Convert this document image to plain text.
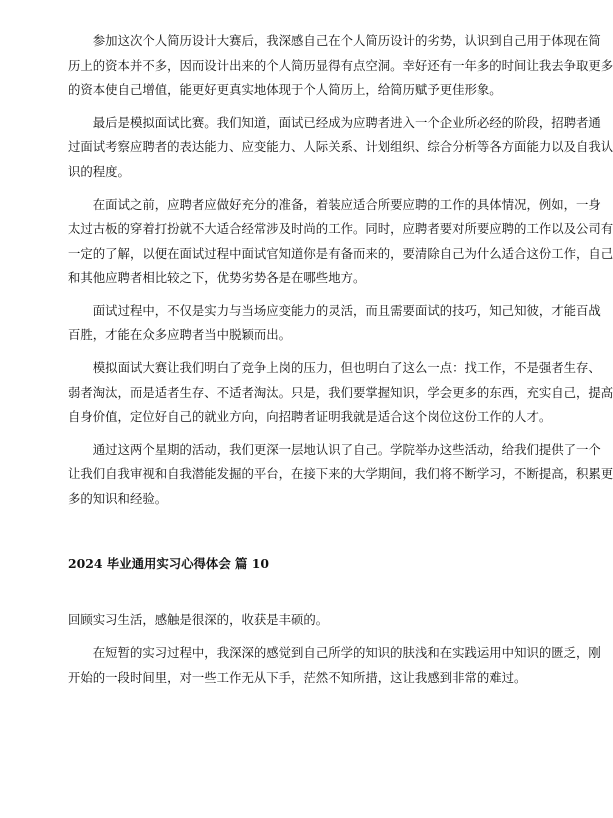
参加这次个人简历设计大赛后，我深感自己在个人简历设计的劣势，认识到自己用于体现在简
历上的资本并不多，因而设计出来的个人简历显得有点空洞。幸好还有一年多的时间让我去争取更多
的资本使自己增值，能更好更真实地体现于个人简历上，给简历赋予更佳形象。

最后是模拟面试比赛。我们知道，面试已经成为应聘者进入一个企业所必经的阶段，招聘者通
过面试考察应聘者的表达能力、应变能力、人际关系、计划组织、综合分析等各方面能力以及自我认
识的程度。

在面试之前，应聘者应做好充分的准备，着装应适合所要应聘的工作的具体情况，例如，一身
太过古板的穿着打扮就不大适合经常涉及时尚的工作。同时，应聘者要对所要应聘的工作以及公司有
一定的了解，以便在面试过程中面试官知道你是有备而来的，要清除自己为什么适合这份工作，自己
和其他应聘者相比较之下，优势劣势各是在哪些地方。

面试过程中，不仅是实力与当场应变能力的灵活，而且需要面试的技巧，知己知彼，才能百战
百胜，才能在众多应聘者当中脱颖而出。

模拟面试大赛让我们明白了竞争上岗的压力，但也明白了这么一点：找工作，不是强者生存、
弱者淘汰，而是适者生存、不适者淘汰。只是，我们要掌握知识，学会更多的东西，充实自己，提高
自身价值，定位好自己的就业方向，向招聘者证明我就是适合这个岗位这份工作的人才。

通过这两个星期的活动，我们更深一层地认识了自己。学院举办这些活动，给我们提供了一个
让我们自我审视和自我潜能发掘的平台，在接下来的大学期间，我们将不断学习，不断提高，积累更
多的知识和经验。

2024 毕业通用实习心得体会 篇 10

回顾实习生活，感触是很深的，收获是丰硕的。

在短暂的实习过程中，我深深的感觉到自己所学的知识的肤浅和在实践运用中知识的匮乏，刚
开始的一段时间里，对一些工作无从下手，茫然不知所措，这让我感到非常的难过。
